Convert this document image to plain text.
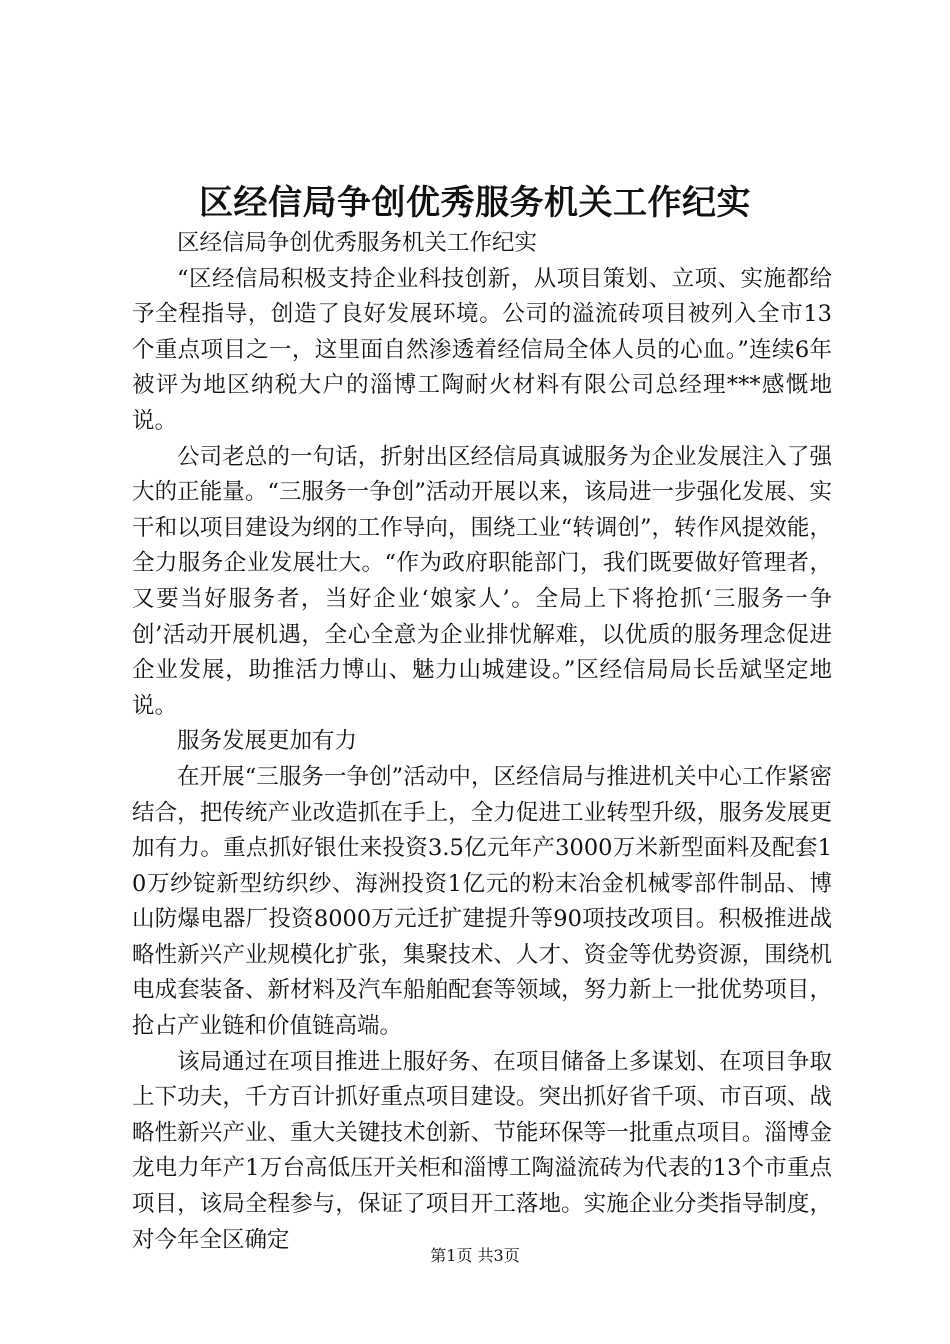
区经信局争创优秀服务机关工作纪实

区经信局争创优秀服务机关工作纪实

“区经信局积极支持企业科技创新，从项目策划、立项、实施都给予全程指导，创造了良好发展环境。公司的溢流砖项目被列入全市13个重点项目之一，这里面自然渗透着经信局全体人员的心血。”连续6年被评为地区纳税大户的淄博工陶耐火材料有限公司总经理***感慨地说。

公司老总的一句话，折射出区经信局真诚服务为企业发展注入了强大的正能量。“三服务一争创”活动开展以来，该局进一步强化发展、实干和以项目建设为纲的工作导向，围绕工业“转调创”，转作风提效能，全力服务企业发展壮大。“作为政府职能部门，我们既要做好管理者，又要当好服务者，当好企业‘娘家人’。全局上下将抢抓‘三服务一争创’活动开展机遇，全心全意为企业排忧解难，以优质的服务理念促进企业发展，助推活力博山、魅力山城建设。”区经信局局长岳斌坚定地说。

服务发展更加有力

在开展“三服务一争创”活动中，区经信局与推进机关中心工作紧密结合，把传统产业改造抓在手上，全力促进工业转型升级，服务发展更加有力。重点抓好银仕来投资3.5亿元年产3000万米新型面料及配套10万纱锭新型纺织纱、海洲投资1亿元的粉末冶金机械零部件制品、博山防爆电器厂投资8000万元迁扩建提升等90项技改项目。积极推进战略性新兴产业规模化扩张，集聚技术、人才、资金等优势资源，围绕机电成套装备、新材料及汽车船舶配套等领域，努力新上一批优势项目，抢占产业链和价值链高端。

该局通过在项目推进上服好务、在项目储备上多谋划、在项目争取上下功夫，千方百计抓好重点项目建设。突出抓好省千项、市百项、战略性新兴产业、重大关键技术创新、节能环保等一批重点项目。淄博金龙电力年产1万台高低压开关柜和淄博工陶溢流砖为代表的13个市重点项目，该局全程参与，保证了项目开工落地。实施企业分类指导制度，对今年全区确定

第1页 共3页
